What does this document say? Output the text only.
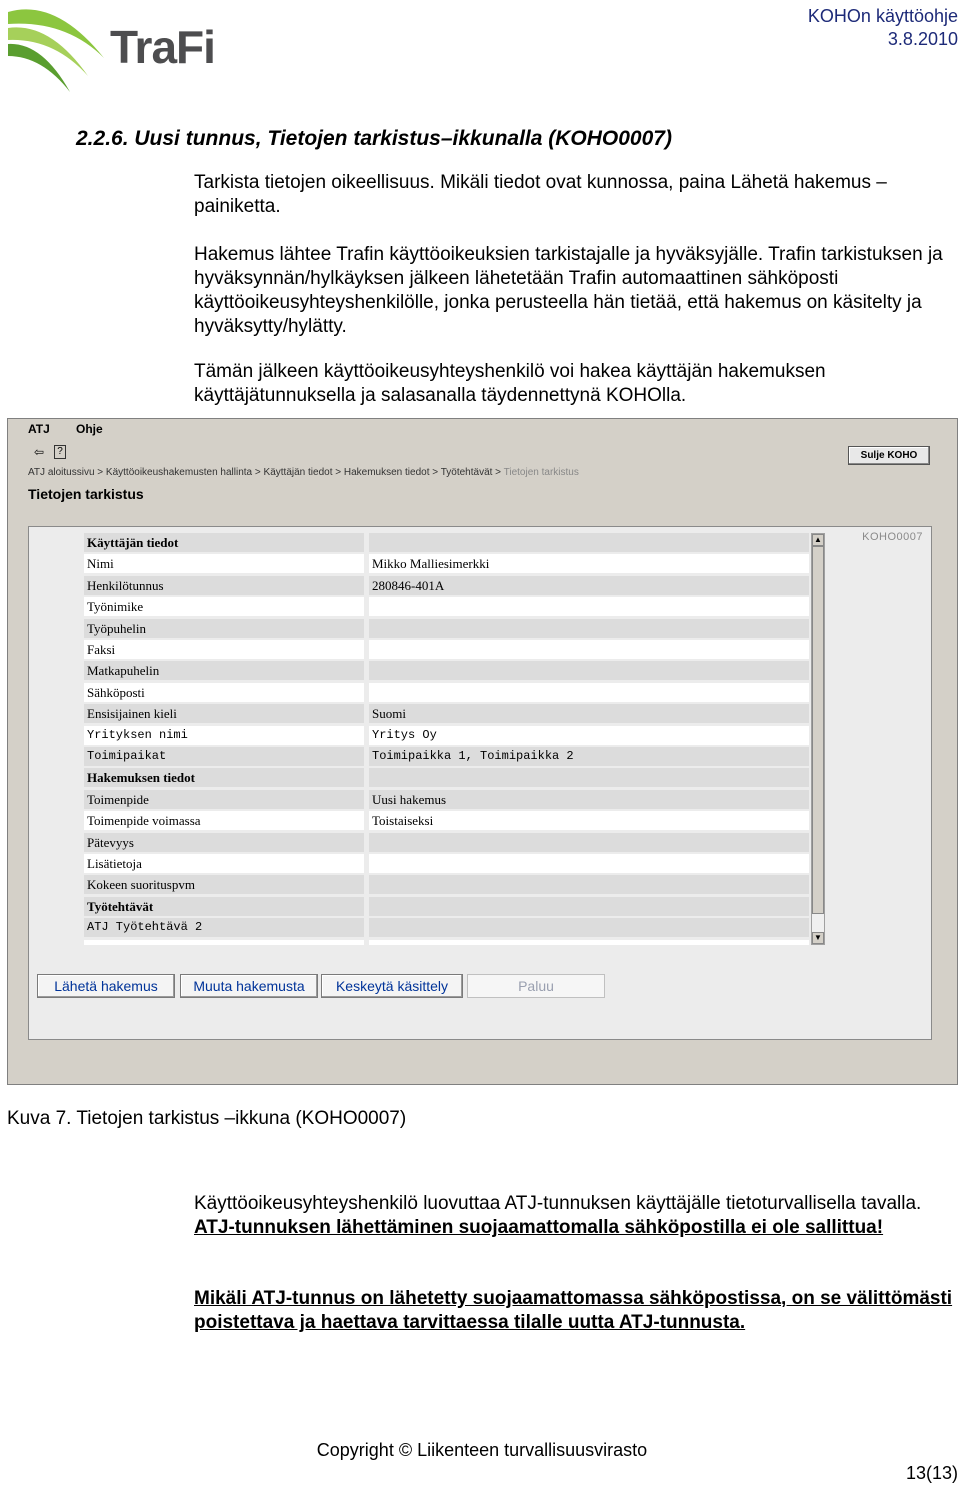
TraFi
KOHOn käyttöohje
3.8.2010
2.2.6. Uusi tunnus, Tietojen tarkistus–ikkunalla (KOHO0007)
Tarkista tietojen oikeellisuus. Mikäli tiedot ovat kunnossa, paina Lähetä hakemus –painiketta.
Hakemus lähtee Trafin käyttöoikeuksien tarkistajalle ja hyväksyjälle. Trafin tarkistuksen ja hyväksynnän/hylkäyksen jälkeen lähetetään Trafin automaattinen sähköposti käyttöoikeusyhteyshenkilölle, jonka perusteella hän tietää, että hakemus on käsitelty ja hyväksytty/hylätty.
Tämän jälkeen käyttöoikeusyhteyshenkilö voi hakea käyttäjän hakemuksen käyttäjätunnuksella ja salasanalla täydennettynä KOHOlla.
ATJ Ohje
⇦	?	Sulje KOHO
ATJ aloitussivu > Käyttöoikeushakemusten hallinta > Käyttäjän tiedot > Hakemuksen tiedot > Työtehtävät > Tietojen tarkistus
Tietojen tarkistus
KOHO0007
Käyttäjän tiedot
Nimi	Mikko Malliesimerkki
Henkilötunnus	280846-401A
Työnimike
Työpuhelin
Faksi
Matkapuhelin
Sähköposti
Ensisijainen kieli	Suomi
Yrityksen nimi	Yritys Oy
Toimipaikat	Toimipaikka 1, Toimipaikka 2
Hakemuksen tiedot
Toimenpide	Uusi hakemus
Toimenpide voimassa	Toistaiseksi
Pätevyys
Lisätietoja
Kokeen suorituspvm
Työtehtävät
ATJ Työtehtävä 2
▲
▼
Lähetä hakemus	Muuta hakemusta	Keskeytä käsittely	Paluu
Kuva 7. Tietojen tarkistus –ikkuna (KOHO0007)
Käyttöoikeusyhteyshenkilö luovuttaa ATJ-tunnuksen käyttäjälle tietoturvallisella tavalla. ATJ-tunnuksen lähettäminen suojaamattomalla sähköpostilla ei ole sallittua!
Mikäli ATJ-tunnus on lähetetty suojaamattomassa sähköpostissa, on se välittömästi poistettava ja haettava tarvittaessa tilalle uutta ATJ-tunnusta.
Copyright © Liikenteen turvallisuusvirasto
13(13)
